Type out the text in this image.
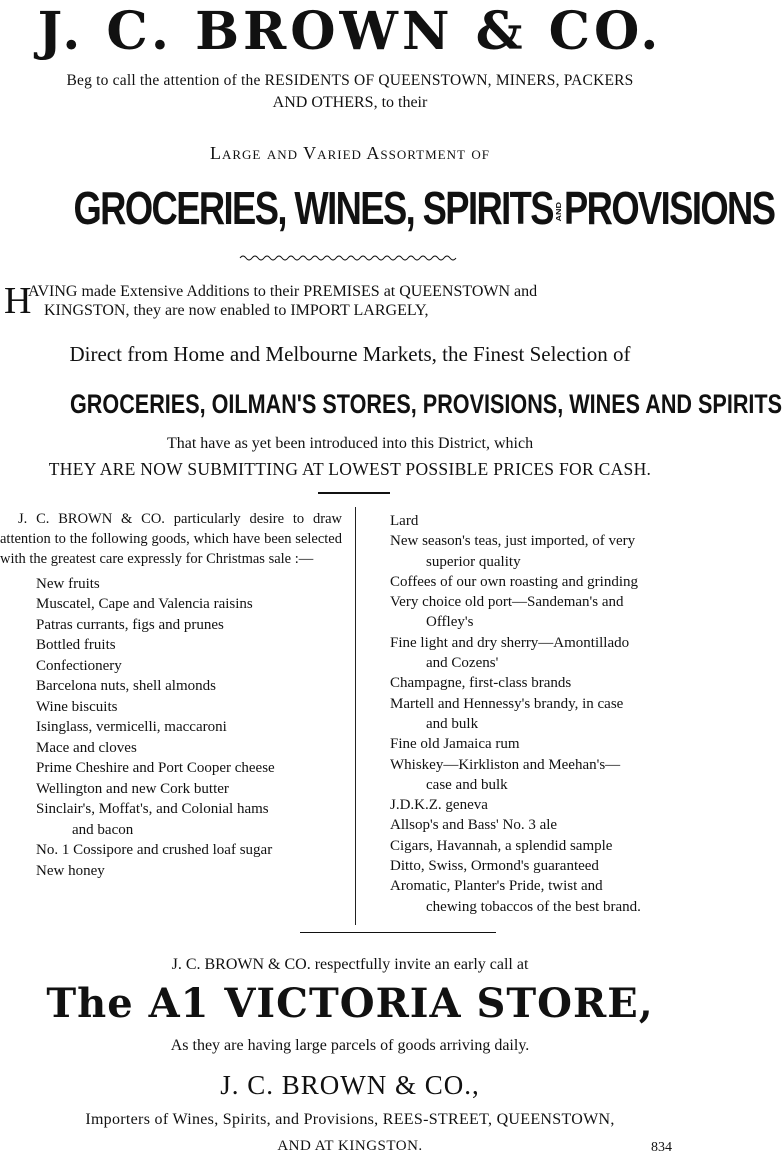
J. C. BROWN & CO.
Beg to call the attention of the RESIDENTS OF QUEENSTOWN, MINERS, PACKERS
AND OTHERS, to their
Large and Varied Assortment of
GROCERIES, WINES, SPIRITS ANDPROVISIONS
H
AVING made Extensive Additions to their PREMISES at QUEENSTOWN and
KINGSTON, they are now enabled to IMPORT LARGELY,
Direct from Home and Melbourne Markets, the Finest Selection of
GROCERIES, OILMAN'S STORES, PROVISIONS, WINES AND SPIRITS
That have as yet been introduced into this District, which
THEY ARE NOW SUBMITTING AT LOWEST POSSIBLE PRICES FOR CASH.

J. C. BROWN & CO. particularly desire to draw attention to the following goods, which have been selected with the greatest care expressly for Christmas sale :—

New fruits
Muscatel, Cape and Valencia raisins
Patras currants, figs and prunes
Bottled fruits
Confectionery
Barcelona nuts, shell almonds
Wine biscuits
Isinglass, vermicelli, maccaroni
Mace and cloves
Prime Cheshire and Port Cooper cheese
Wellington and new Cork butter
Sinclair's, Moffat's, and Colonial hams
and bacon
No. 1 Cossipore and crushed loaf sugar
New honey
Lard
New season's teas, just imported, of very
superior quality
Coffees of our own roasting and grinding
Very choice old port—Sandeman's and
Offley's
Fine light and dry sherry—Amontillado
and Cozens'
Champagne, first-class brands
Martell and Hennessy's brandy, in case
and bulk
Fine old Jamaica rum
Whiskey—Kirkliston and Meehan's—
case and bulk
J.D.K.Z. geneva
Allsop's and Bass' No. 3 ale
Cigars, Havannah, a splendid sample
Ditto, Swiss, Ormond's guaranteed
Aromatic, Planter's Pride, twist and
chewing tobaccos of the best brand.
J. C. BROWN & CO. respectfully invite an early call at
The A1 VICTORIA STORE,
As they are having large parcels of goods arriving daily.
J. C. BROWN & CO.,
Importers of Wines, Spirits, and Provisions, REES-STREET, QUEENSTOWN,
AND AT KINGSTON.	834
